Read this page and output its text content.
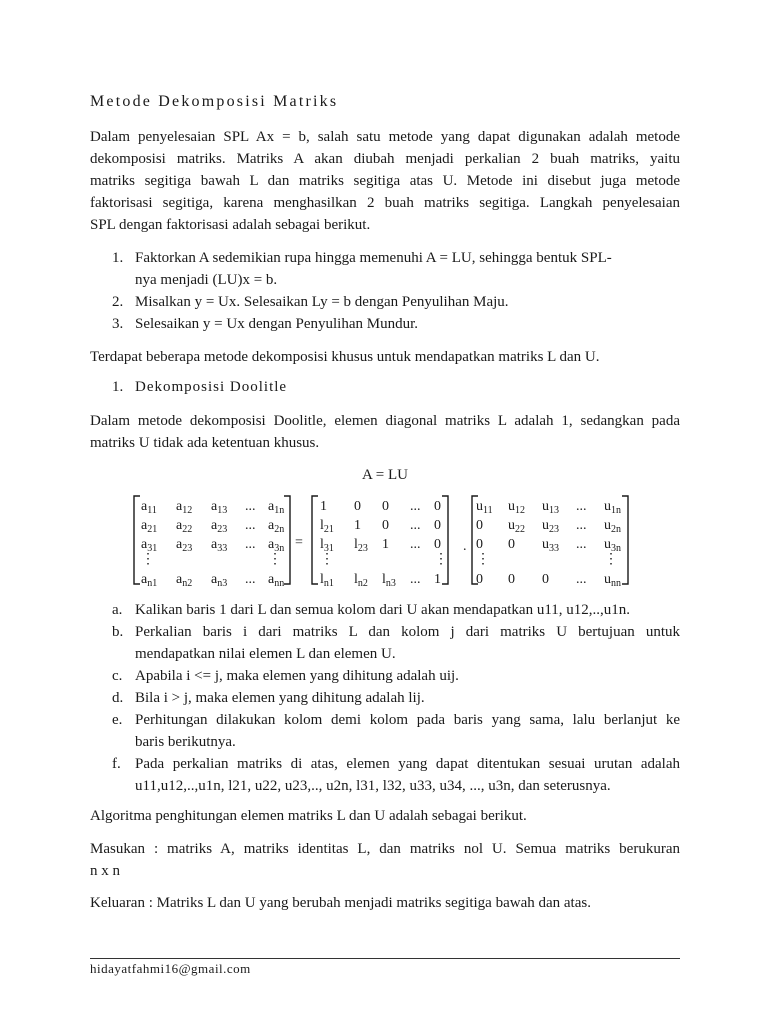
Metode Dekomposisi Matriks
Dalam penyelesaian SPL Ax = b, salah satu metode yang dapat digunakan adalah metode
dekomposisi matriks. Matriks A akan diubah menjadi perkalian 2 buah matriks, yaitu
matriks segitiga bawah L dan matriks segitiga atas U. Metode ini disebut juga metode
faktorisasi segitiga, karena menghasilkan 2 buah matriks segitiga. Langkah penyelesaian
SPL dengan faktorisasi adalah sebagai berikut.
1. Faktorkan A sedemikian rupa hingga memenuhi A = LU, sehingga bentuk SPL-
nya menjadi (LU)x = b.
2. Misalkan y = Ux. Selesaikan Ly = b dengan Penyulihan Maju.
3. Selesaikan y = Ux dengan Penyulihan Mundur.
Terdapat beberapa metode dekomposisi khusus untuk mendapatkan matriks L dan U.
1. Dekomposisi Doolitle
Dalam metode dekomposisi Doolitle, elemen diagonal matriks L adalah 1, sedangkan pada
matriks U tidak ada ketentuan khusus.
A = LU
$a_{11}$ $a_{12}$ $a_{13}$ ... $a_{1n}$
$a_{21}$ $a_{22}$ $a_{23}$ ... $a_{2n}$
$a_{31}$ $a_{23}$ $a_{33}$ ... $a_{3n}$
⋮	⋮
$a_{n1}$ $a_{n2}$ $a_{n3}$ ... $a_{nn}$
=
1 0 0 ... 0
$l_{21}$ 1 0 ... 0
$l_{31}$ $l_{23}$ 1 ... 0
⋮	⋮
$l_{n1}$ $l_{n2}$ $l_{n3}$ ... 1
.
$u_{11}$ $u_{12}$ $u_{13}$ ... $u_{1n}$
0 $u_{22}$ $u_{23}$ ... $u_{2n}$
0 0 $u_{33}$ ... $u_{3n}$
⋮	⋮
0 0 0 ... $u_{nn}$
a. Kalikan baris 1 dari L dan semua kolom dari U akan mendapatkan u11, u12,..,u1n.
b. Perkalian baris i dari matriks L dan kolom j dari matriks U bertujuan untuk
mendapatkan nilai elemen L dan elemen U.
c. Apabila i <= j, maka elemen yang dihitung adalah uij.
d. Bila i > j, maka elemen yang dihitung adalah lij.
e. Perhitungan dilakukan kolom demi kolom pada baris yang sama, lalu berlanjut ke
baris berikutnya.
f. Pada perkalian matriks di atas, elemen yang dapat ditentukan sesuai urutan adalah
u11,u12,..,u1n, l21, u22, u23,.., u2n, l31, l32, u33, u34, ..., u3n, dan seterusnya.
Algoritma penghitungan elemen matriks L dan U adalah sebagai berikut.
Masukan : matriks A, matriks identitas L, dan matriks nol U. Semua matriks berukuran
n x n
Keluaran : Matriks L dan U yang berubah menjadi matriks segitiga bawah dan atas.
hidayatfahmi16@gmail.com
